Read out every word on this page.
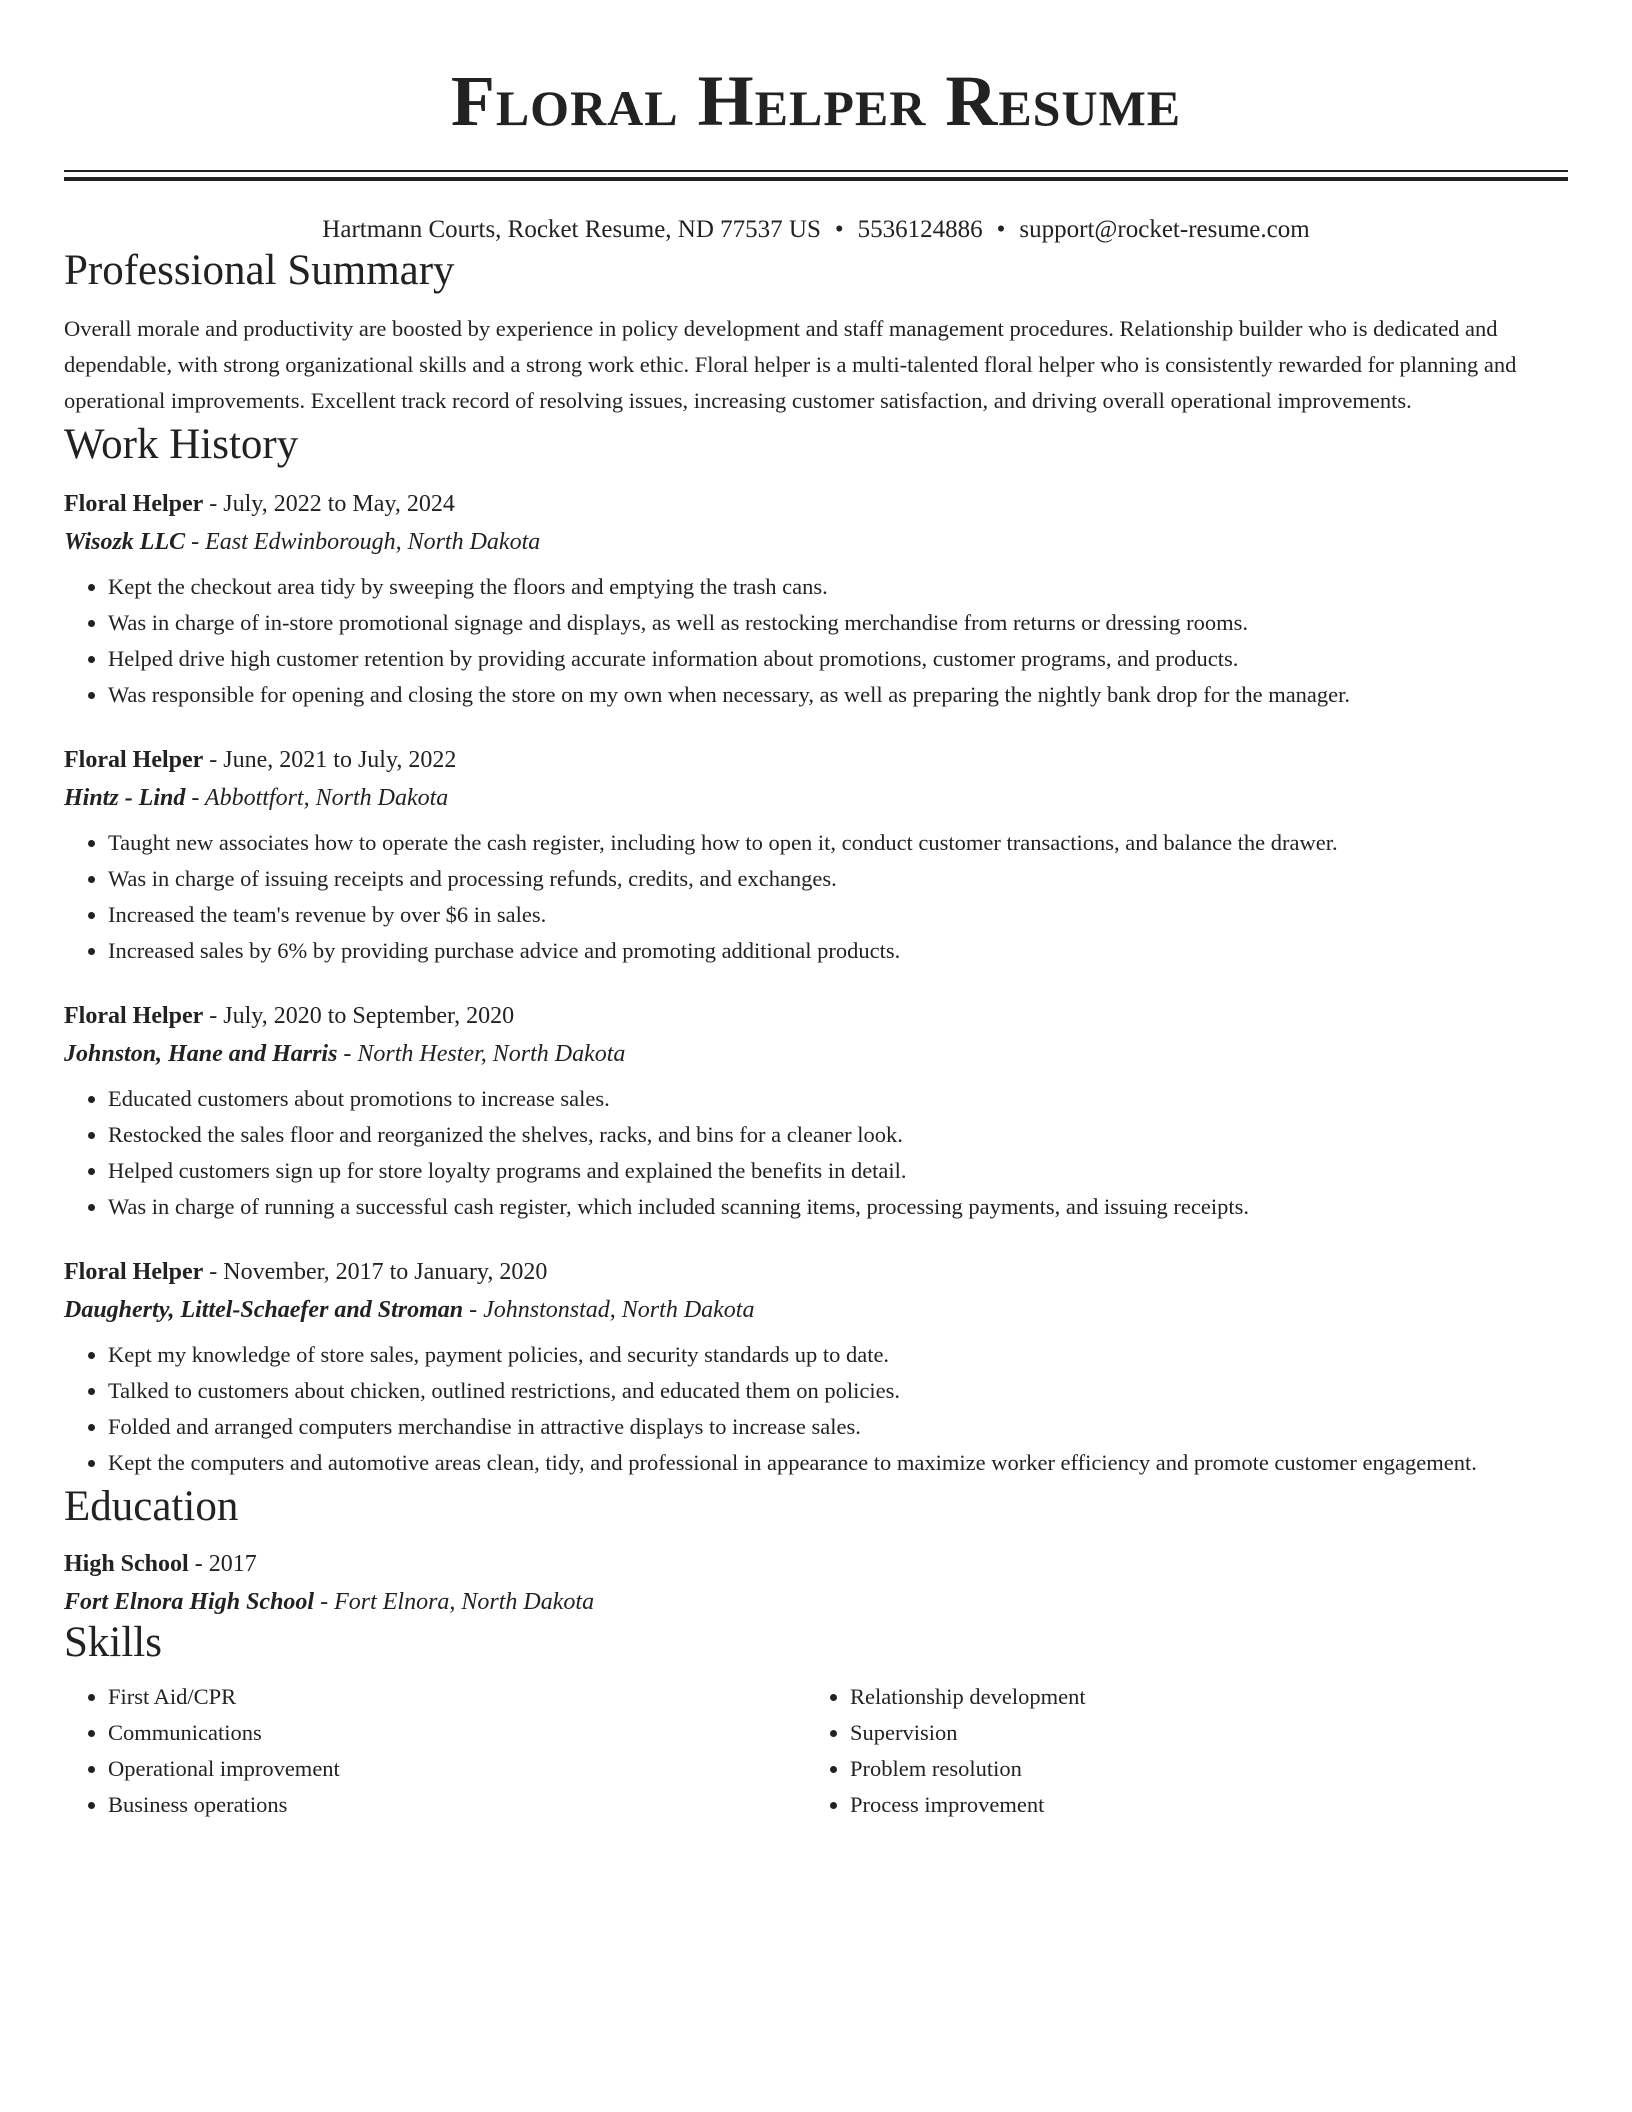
Floral Helper Resume
Hartmann Courts, Rocket Resume, ND 77537 US • 5536124886 • support@rocket-resume.com
Professional Summary

Overall morale and productivity are boosted by experience in policy development and staff management procedures. Relationship builder who is dedicated and dependable, with strong organizational skills and a strong work ethic. Floral helper is a multi-talented floral helper who is consistently rewarded for planning and operational improvements. Excellent track record of resolving issues, increasing customer satisfaction, and driving overall operational improvements.

Work History

Floral Helper - July, 2022 to May, 2024

Wisozk LLC - East Edwinborough, North Dakota
• Kept the checkout area tidy by sweeping the floors and emptying the trash cans.
• Was in charge of in-store promotional signage and displays, as well as restocking merchandise from returns or dressing rooms.
• Helped drive high customer retention by providing accurate information about promotions, customer programs, and products.
• Was responsible for opening and closing the store on my own when necessary, as well as preparing the nightly bank drop for the manager.

Floral Helper - June, 2021 to July, 2022

Hintz - Lind - Abbottfort, North Dakota
• Taught new associates how to operate the cash register, including how to open it, conduct customer transactions, and balance the drawer.
• Was in charge of issuing receipts and processing refunds, credits, and exchanges.
• Increased the team's revenue by over $6 in sales.
• Increased sales by 6% by providing purchase advice and promoting additional products.

Floral Helper - July, 2020 to September, 2020

Johnston, Hane and Harris - North Hester, North Dakota
• Educated customers about promotions to increase sales.
• Restocked the sales floor and reorganized the shelves, racks, and bins for a cleaner look.
• Helped customers sign up for store loyalty programs and explained the benefits in detail.
• Was in charge of running a successful cash register, which included scanning items, processing payments, and issuing receipts.

Floral Helper - November, 2017 to January, 2020

Daugherty, Littel-Schaefer and Stroman - Johnstonstad, North Dakota
• Kept my knowledge of store sales, payment policies, and security standards up to date.
• Talked to customers about chicken, outlined restrictions, and educated them on policies.
• Folded and arranged computers merchandise in attractive displays to increase sales.
• Kept the computers and automotive areas clean, tidy, and professional in appearance to maximize worker efficiency and promote customer engagement.
Education

High School - 2017

Fort Elnora High School - Fort Elnora, North Dakota
Skills
• First Aid/CPR
• Communications
• Operational improvement
• Business operations
• Relationship development
• Supervision
• Problem resolution
• Process improvement
